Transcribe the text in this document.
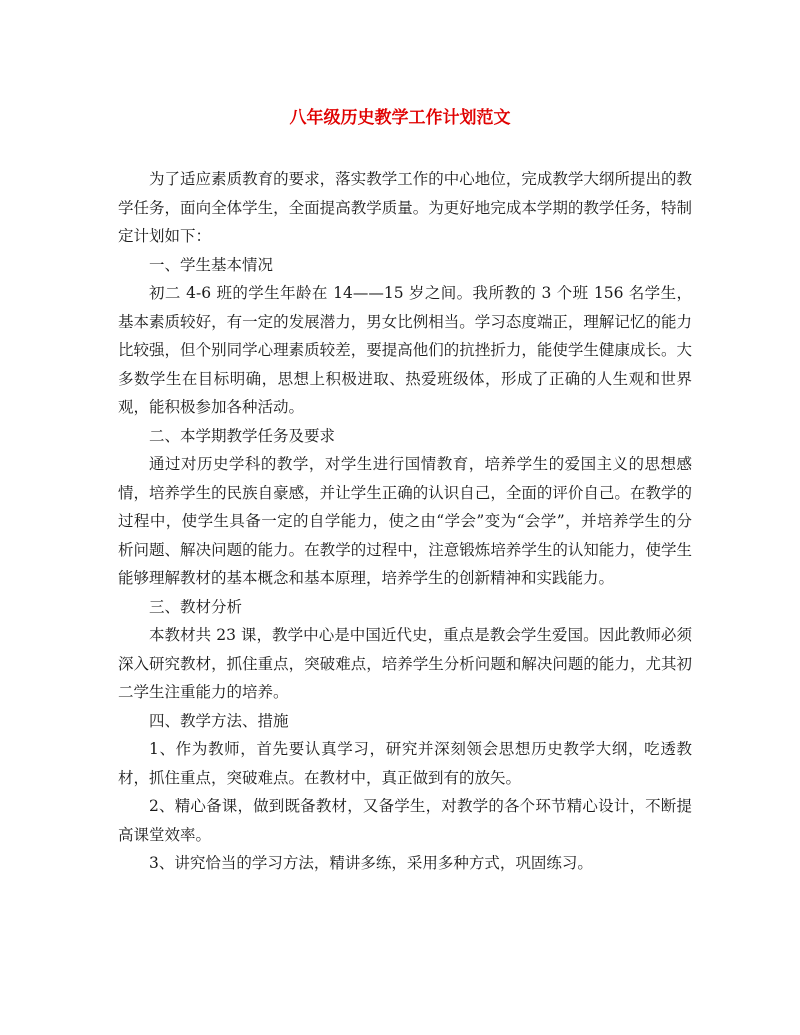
八年级历史教学工作计划范文

为了适应素质教育的要求，落实教学工作的中心地位，完成教学大纲所提出的教学任务，面向全体学生，全面提高教学质量。为更好地完成本学期的教学任务，特制定计划如下：

一、学生基本情况

初二 4-6 班的学生年龄在 14——15 岁之间。我所教的 3 个班 156 名学生，基本素质较好，有一定的发展潜力，男女比例相当。学习态度端正，理解记忆的能力比较强，但个别同学心理素质较差，要提高他们的抗挫折力，能使学生健康成长。大多数学生在目标明确，思想上积极进取、热爱班级体，形成了正确的人生观和世界观，能积极参加各种活动。

二、本学期教学任务及要求

通过对历史学科的教学，对学生进行国情教育，培养学生的爱国主义的思想感情，培养学生的民族自豪感，并让学生正确的认识自己，全面的评价自己。在教学的过程中，使学生具备一定的自学能力，使之由“学会”变为“会学”，并培养学生的分析问题、解决问题的能力。在教学的过程中，注意锻炼培养学生的认知能力，使学生能够理解教材的基本概念和基本原理，培养学生的创新精神和实践能力。

三、教材分析

本教材共 23 课，教学中心是中国近代史，重点是教会学生爱国。因此教师必须深入研究教材，抓住重点，突破难点，培养学生分析问题和解决问题的能力，尤其初二学生注重能力的培养。

四、教学方法、措施

1、作为教师，首先要认真学习，研究并深刻领会思想历史教学大纲，吃透教材，抓住重点，突破难点。在教材中，真正做到有的放矢。

2、精心备课，做到既备教材，又备学生，对教学的各个环节精心设计，不断提高课堂效率。

3、讲究恰当的学习方法，精讲多练，采用多种方式，巩固练习。
